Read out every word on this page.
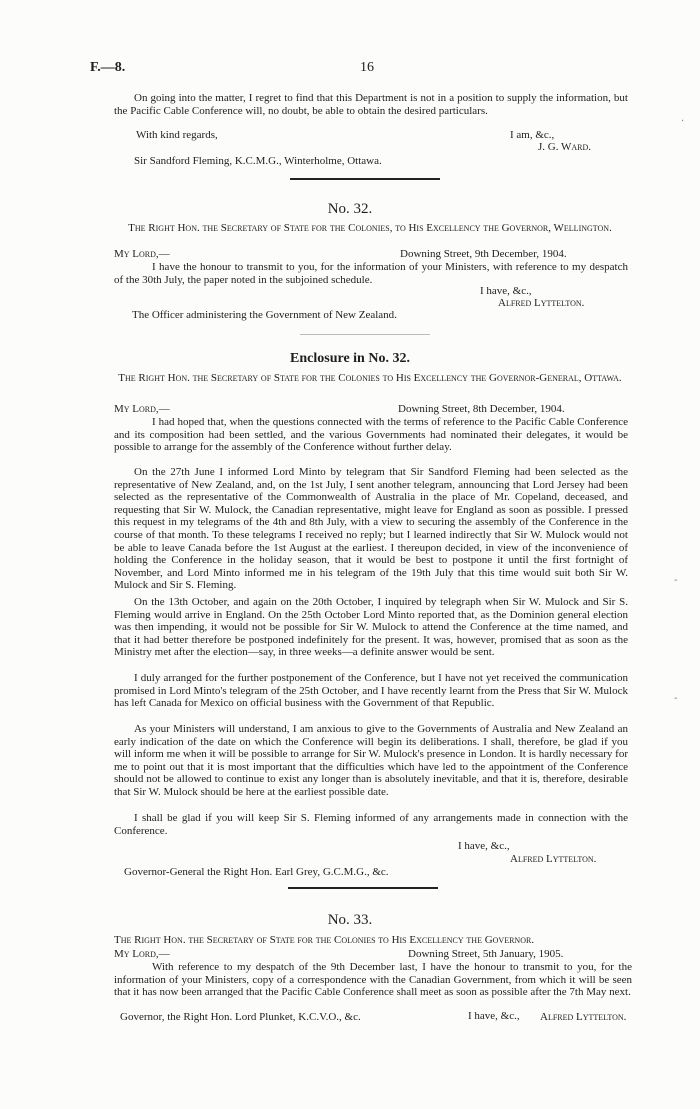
F.—8.	16

On going into the matter, I regret to find that this Department is not in a position to supply the information, but the Pacific Cable Conference will, no doubt, be able to obtain the desired particulars.

With kind regards,	I am, &c.,
J. G. Ward.
Sir Sandford Fleming, K.C.M.G., Winterholme, Ottawa.
No. 32.

The Right Hon. the Secretary of State for the Colonies, to His Excellency the Governor, Wellington.

My Lord,—	Downing Street, 9th December, 1904.

I have the honour to transmit to you, for the information of your Ministers, with reference to my despatch of the 30th July, the paper noted in the subjoined schedule.

I have, &c.,
Alfred Lyttelton.
The Officer administering the Government of New Zealand.
Enclosure in No. 32.

The Right Hon. the Secretary of State for the Colonies to His Excellency the Governor-General, Ottawa.

My Lord,—	Downing Street, 8th December, 1904.

I had hoped that, when the questions connected with the terms of reference to the Pacific Cable Conference and its composition had been settled, and the various Governments had nominated their delegates, it would be possible to arrange for the assembly of the Conference without further delay.

On the 27th June I informed Lord Minto by telegram that Sir Sandford Fleming had been selected as the representative of New Zealand, and, on the 1st July, I sent another telegram, announcing that Lord Jersey had been selected as the representative of the Commonwealth of Australia in the place of Mr. Copeland, deceased, and requesting that Sir W. Mulock, the Canadian representative, might leave for England as soon as possible. I pressed this request in my telegrams of the 4th and 8th July, with a view to securing the assembly of the Conference in the course of that month. To these telegrams I received no reply; but I learned indirectly that Sir W. Mulock would not be able to leave Canada before the 1st August at the earliest. I thereupon decided, in view of the inconvenience of holding the Conference in the holiday season, that it would be best to postpone it until the first fortnight of November, and Lord Minto informed me in his telegram of the 19th July that this time would suit both Sir W. Mulock and Sir S. Fleming.

On the 13th October, and again on the 20th October, I inquired by telegraph when Sir W. Mulock and Sir S. Fleming would arrive in England. On the 25th October Lord Minto reported that, as the Dominion general election was then impending, it would not be possible for Sir W. Mulock to attend the Conference at the time named, and that it had better therefore be postponed indefinitely for the present. It was, however, promised that as soon as the Ministry met after the election—say, in three weeks—a definite answer would be sent.

I duly arranged for the further postponement of the Conference, but I have not yet received the communication promised in Lord Minto's telegram of the 25th October, and I have recently learnt from the Press that Sir W. Mulock has left Canada for Mexico on official business with the Government of that Republic.

As your Ministers will understand, I am anxious to give to the Governments of Australia and New Zealand an early indication of the date on which the Conference will begin its deliberations. I shall, therefore, be glad if you will inform me when it will be possible to arrange for Sir W. Mulock's presence in London. It is hardly necessary for me to point out that it is most important that the difficulties which have led to the appointment of the Conference should not be allowed to continue to exist any longer than is absolutely inevitable, and that it is, therefore, desirable that Sir W. Mulock should be here at the earliest possible date.

I shall be glad if you will keep Sir S. Fleming informed of any arrangements made in connection with the Conference.

I have, &c.,
Alfred Lyttelton.
Governor-General the Right Hon. Earl Grey, G.C.M.G., &c.
No. 33.

The Right Hon. the Secretary of State for the Colonies to His Excellency the Governor.

My Lord,—	Downing Street, 5th January, 1905.

With reference to my despatch of the 9th December last, I have the honour to transmit to you, for the information of your Ministers, copy of a correspondence with the Canadian Government, from which it will be seen that it has now been arranged that the Pacific Cable Conference shall meet as soon as possible after the 7th May next.

I have, &c.,
Governor, the Right Hon. Lord Plunket, K.C.V.O., &c.	Alfred Lyttelton.
·
-
-
